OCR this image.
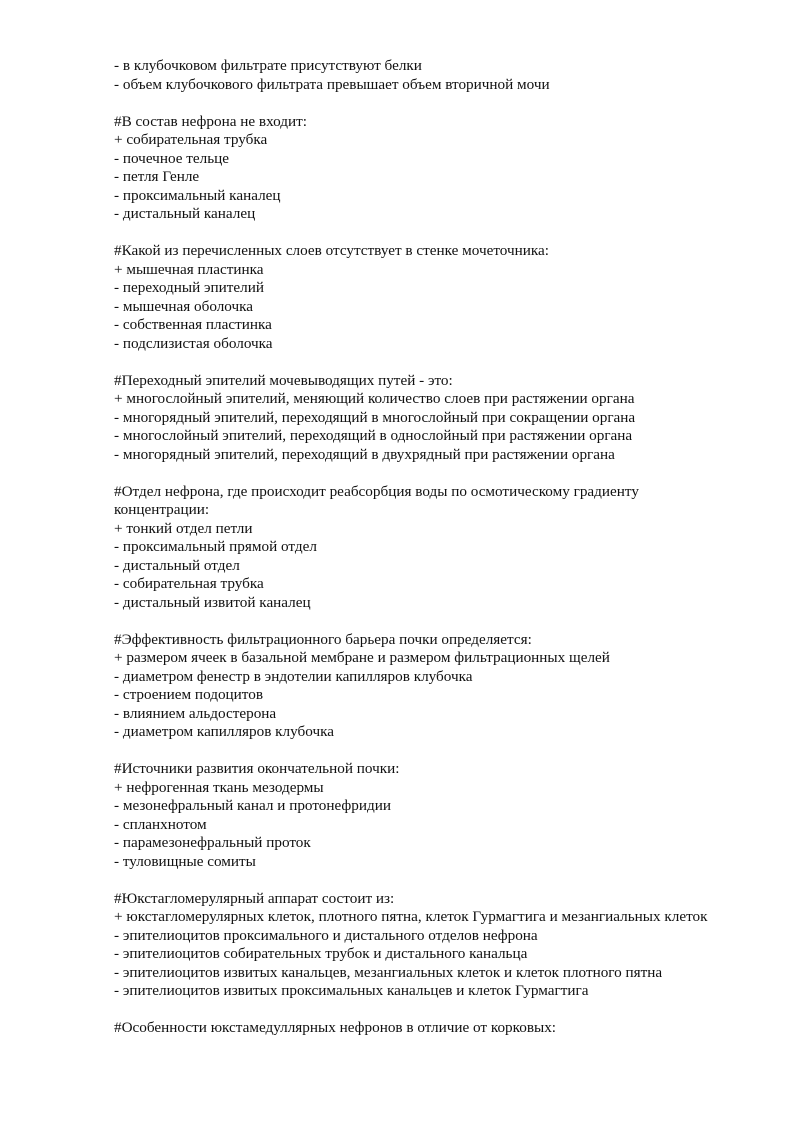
- в клубочковом фильтрате присутствуют белки
- объем клубочкового фильтрата превышает объем вторичной мочи
#В состав нефрона не входит:
+ собирательная трубка
- почечное тельце
- петля Генле
- проксимальный каналец
- дистальный каналец
#Какой из перечисленных слоев отсутствует в стенке мочеточника:
+ мышечная пластинка
- переходный эпителий
- мышечная оболочка
- собственная пластинка
- подслизистая оболочка
#Переходный эпителий мочевыводящих путей - это:
+ многослойный эпителий, меняющий количество слоев при растяжении органа
- многорядный эпителий, переходящий в многослойный при сокращении органа
- многослойный эпителий, переходящий в однослойный при растяжении органа
- многорядный эпителий, переходящий в двухрядный при растяжении органа
#Отдел нефрона, где происходит реабсорбция воды по осмотическому градиенту концентрации:
+ тонкий отдел петли
- проксимальный прямой отдел
- дистальный отдел
- собирательная трубка
- дистальный извитой каналец
#Эффективность фильтрационного барьера почки определяется:
+ размером ячеек в базальной мембране и размером фильтрационных щелей
- диаметром фенестр в эндотелии капилляров клубочка
- строением подоцитов
- влиянием альдостерона
- диаметром капилляров клубочка
#Источники развития окончательной почки:
+ нефрогенная ткань мезодермы
- мезонефральный канал и протонефридии
- спланхнотом
- парамезонефральный проток
- туловищные сомиты
#Юкстагломерулярный аппарат состоит из:
+ юкстагломерулярных клеток, плотного пятна, клеток Гурмагтига и мезангиальных клеток
- эпителиоцитов проксимального и дистального отделов нефрона
- эпителиоцитов собирательных трубок и дистального канальца
- эпителиоцитов извитых канальцев, мезангиальных клеток и клеток плотного пятна
- эпителиоцитов извитых проксимальных канальцев и клеток Гурмагтига
#Особенности юкстамедуллярных нефронов в отличие от корковых:
